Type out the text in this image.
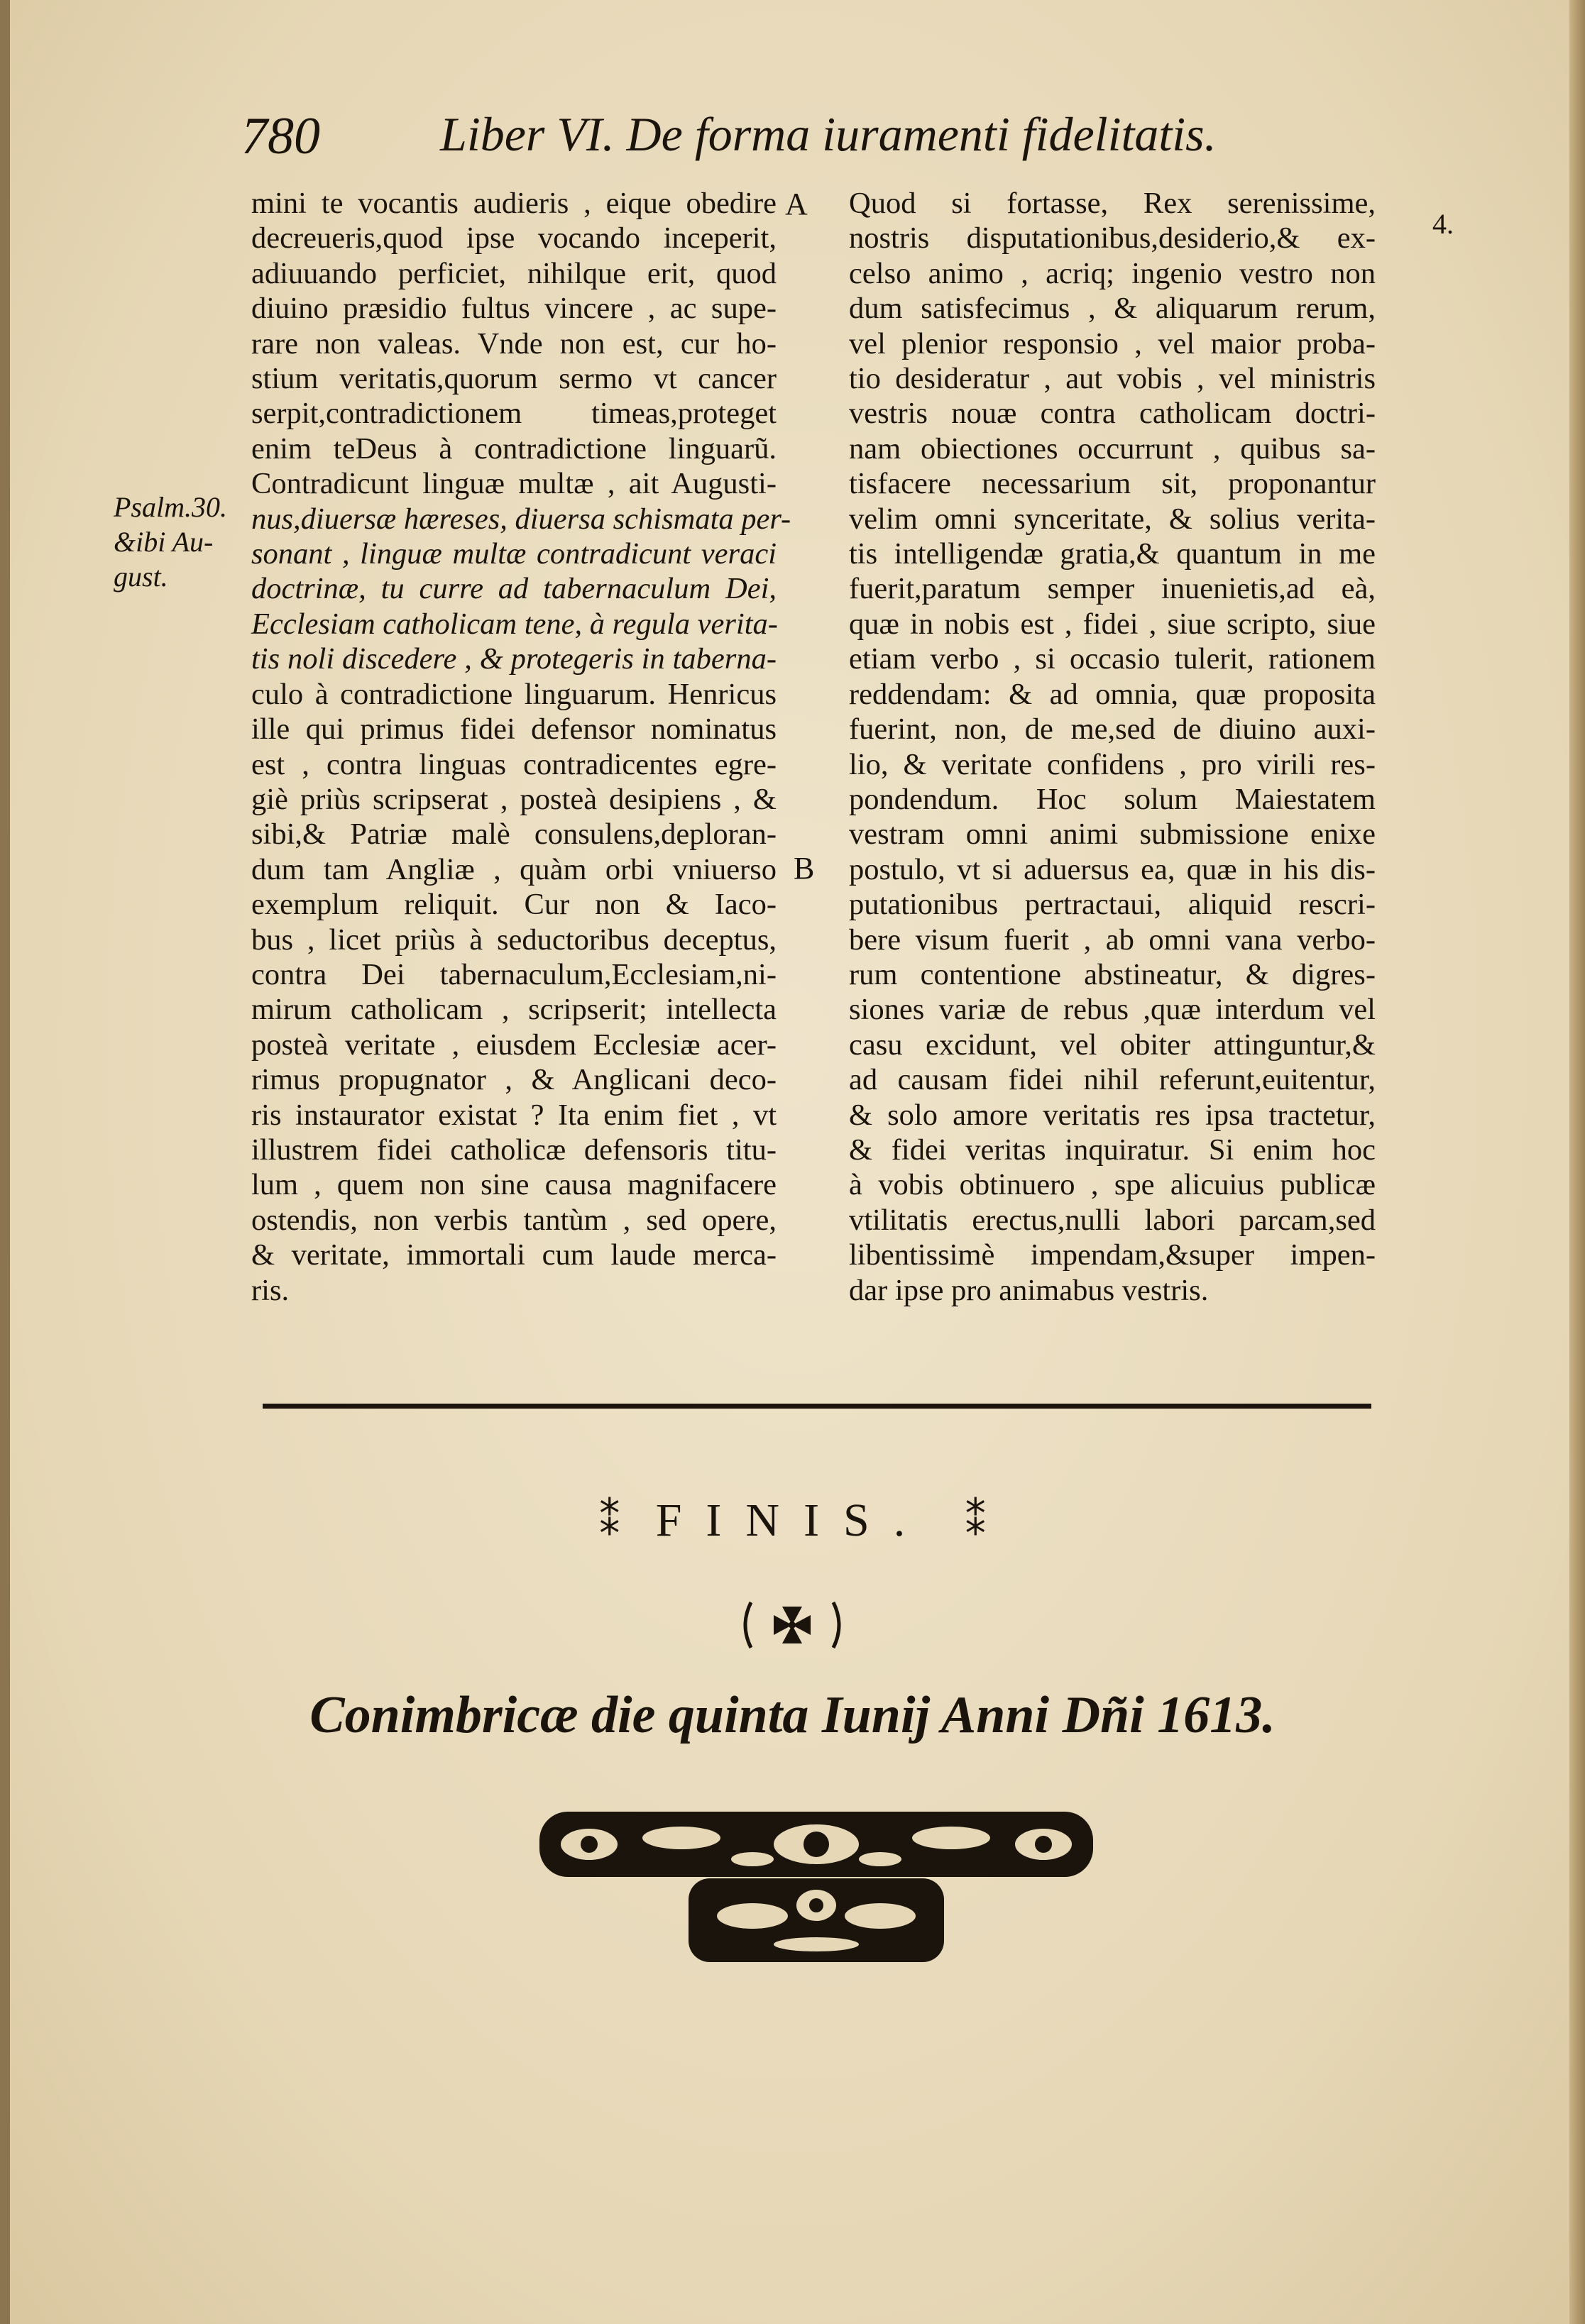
780 Liber VI. De forma iuramenti fidelitatis.
mini te vocantis audieris , eique obedire
decreueris,quod ipse vocando inceperit,
adiuuando perficiet, nihilque erit, quod
diuino præsidio fultus vincere , ac supe-
rare non valeas. Vnde non est, cur ho-
stium veritatis,quorum sermo vt cancer
serpit,contradictionem timeas,proteget
enim teDeus à contradictione linguarũ.
Contradicunt linguæ multæ , ait Augusti-
nus,diuersæ hæreses, diuersa schismata per-
sonant , linguæ multæ contradicunt veraci
doctrinæ, tu curre ad tabernaculum Dei,
Ecclesiam catholicam tene, à regula verita-
tis noli discedere , & protegeris in taberna-
culo à contradictione linguarum. Henricus
ille qui primus fidei defensor nominatus
est , contra linguas contradicentes egre-
giè priùs scripserat , posteà desipiens , &
sibi,& Patriæ malè consulens,deploran-
dum tam Angliæ , quàm orbi vniuerso
exemplum reliquit. Cur non & Iaco-
bus , licet priùs à seductoribus deceptus,
contra Dei tabernaculum,Ecclesiam,ni-
mirum catholicam , scripserit; intellecta
posteà veritate , eiusdem Ecclesiæ acer-
rimus propugnator , & Anglicani deco-
ris instaurator existat ? Ita enim fiet , vt
illustrem fidei catholicæ defensoris titu-
lum , quem non sine causa magnifacere
ostendis, non verbis tantùm , sed opere,
& veritate, immortali cum laude merca-
ris.
Quod si fortasse, Rex serenissime,
nostris disputationibus,desiderio,& ex-
celso animo , acriq; ingenio vestro non
dum satisfecimus , & aliquarum rerum,
vel plenior responsio , vel maior proba-
tio desideratur , aut vobis , vel ministris
vestris nouæ contra catholicam doctri-
nam obiectiones occurrunt , quibus sa-
tisfacere necessarium sit, proponantur
velim omni synceritate, & solius verita-
tis intelligendæ gratia,& quantum in me
fuerit,paratum semper inuenietis,ad eà,
quæ in nobis est , fidei , siue scripto, siue
etiam verbo , si occasio tulerit, rationem
reddendam: & ad omnia, quæ proposita
fuerint, non, de me,sed de diuino auxi-
lio, & veritate confidens , pro virili res-
pondendum. Hoc solum Maiestatem
vestram omni animi submissione enixe
postulo, vt si aduersus ea, quæ in his dis-
putationibus pertractaui, aliquid rescri-
bere visum fuerit , ab omni vana verbo-
rum contentione abstineatur, & digres-
siones variæ de rebus ,quæ interdum vel
casu excidunt, vel obiter attinguntur,&
ad causam fidei nihil referunt,euitentur,
& solo amore veritatis res ipsa tractetur,
& fidei veritas inquiratur. Si enim hoc
à vobis obtinuero , spe alicuius publicæ
vtilitatis erectus,nulli labori parcam,sed
libentissimè impendam,&super impen-
dar ipse pro animabus vestris.
A
B
Psalm.30.
&ibi Au-
gust.
4.
⁑ FINIS. ⁑
Conimbricæ die quinta Iunij Anni Dñi 1613.
